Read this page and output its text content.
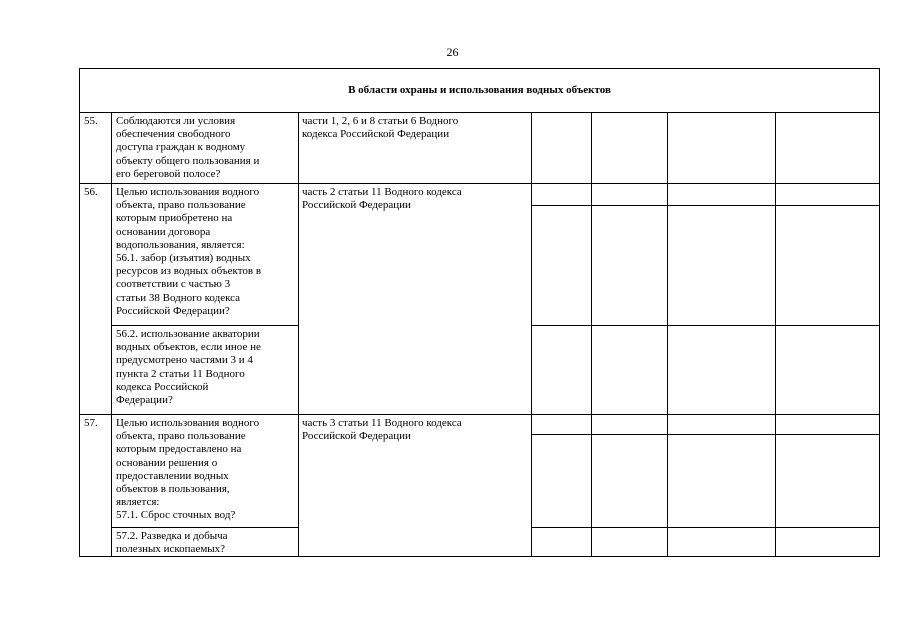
26
В области охраны и использования водных объектов
55. Соблюдаются ли условия
обеспечения свободного
доступа граждан к водному
объекту общего пользования и
его береговой полосе?
части 1, 2, 6 и 8 статьи 6 Водного
кодекса Российской Федерации
56. Целью использования водного
объекта, право пользование
которым приобретено на
основании договора
водопользования, является:
56.1. забор (изъятия) водных
ресурсов из водных объектов в
соответствии с частью 3
статьи 38 Водного кодекса
Российской Федерации?
56.2. использование акватории
водных объектов, если иное не
предусмотрено частями 3 и 4
пункта 2 статьи 11 Водного
кодекса Российской
Федерации?
часть 2 статьи 11 Водного кодекса
Российской Федерации
57. Целью использования водного
объекта, право пользование
которым предоставлено на
основании решения о
предоставлении водных
объектов в пользования,
является:
57.1. Сброс сточных вод?
57.2. Разведка и добыча
полезных ископаемых?
часть 3 статьи 11 Водного кодекса
Российской Федерации
